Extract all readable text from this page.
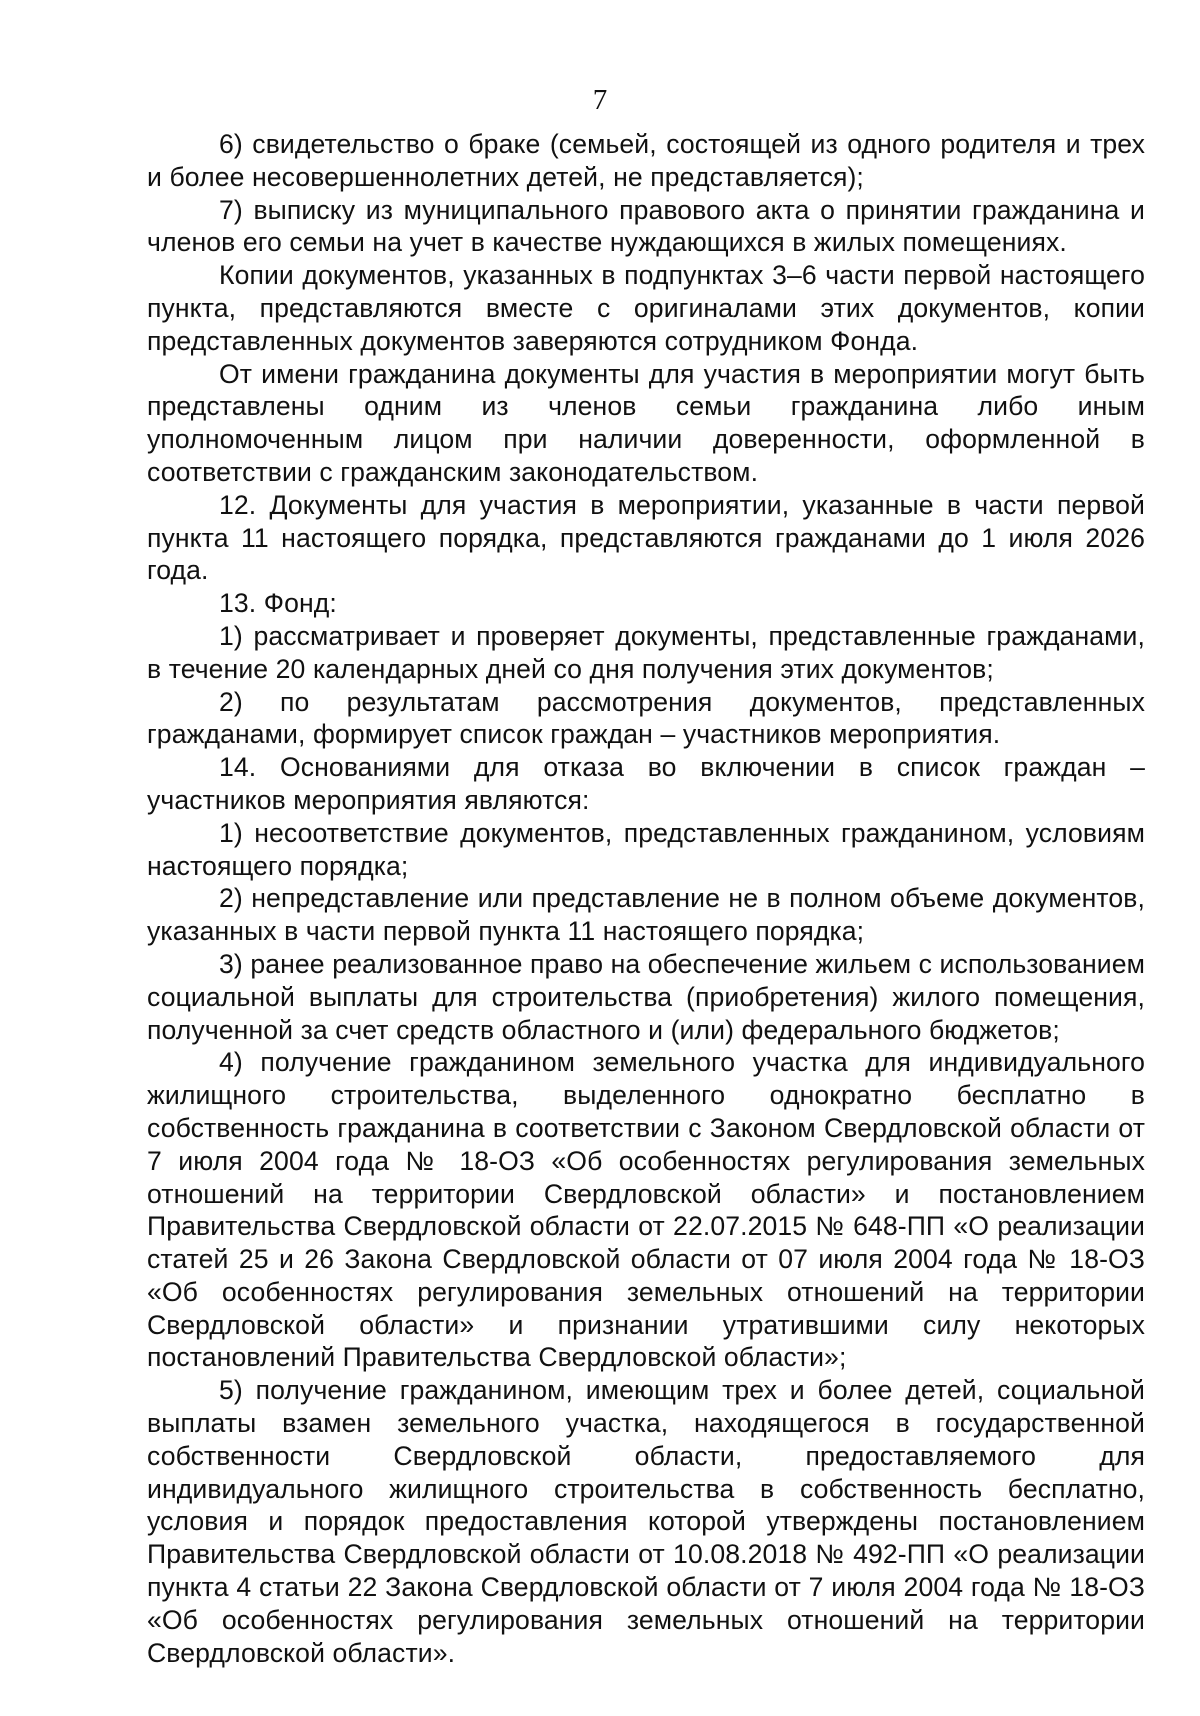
7

6) свидетельство о браке (семьей, состоящей из одного родителя и трех и более несовершеннолетних детей, не представляется);

7) выписку из муниципального правового акта о принятии гражданина и членов его семьи на учет в качестве нуждающихся в жилых помещениях.

Копии документов, указанных в подпунктах 3–6 части первой настоящего пункта, представляются вместе с оригиналами этих документов, копии представленных документов заверяются сотрудником Фонда.

От имени гражданина документы для участия в мероприятии могут быть представлены одним из членов семьи гражданина либо иным уполномоченным лицом при наличии доверенности, оформленной в соответствии с гражданским законодательством.

12. Документы для участия в мероприятии, указанные в части первой пункта 11 настоящего порядка, представляются гражданами до 1 июля 2026 года.

13. Фонд:

1) рассматривает и проверяет документы, представленные гражданами, в течение 20 календарных дней со дня получения этих документов;

2) по результатам рассмотрения документов, представленных гражданами, формирует список граждан – участников мероприятия.

14. Основаниями для отказа во включении в список граждан – участников мероприятия являются:

1) несоответствие документов, представленных гражданином, условиям настоящего порядка;

2) непредставление или представление не в полном объеме документов, указанных в части первой пункта 11 настоящего порядка;

3) ранее реализованное право на обеспечение жильем с использованием социальной выплаты для строительства (приобретения) жилого помещения, полученной за счет средств областного и (или) федерального бюджетов;

4) получение гражданином земельного участка для индивидуального жилищного строительства, выделенного однократно бесплатно в собственность гражданина в соответствии с Законом Свердловской области от 7 июля 2004 года № 18-ОЗ «Об особенностях регулирования земельных отношений на территории Свердловской области» и постановлением Правительства Свердловской области от 22.07.2015 № 648-ПП «О реализации статей 25 и 26 Закона Свердловской области от 07 июля 2004 года № 18-ОЗ «Об особенностях регулирования земельных отношений на территории Свердловской области» и признании утратившими силу некоторых постановлений Правительства Свердловской области»;

5) получение гражданином, имеющим трех и более детей, социальной выплаты взамен земельного участка, находящегося в государственной собственности Свердловской области, предоставляемого для индивидуального жилищного строительства в собственность бесплатно, условия и порядок предоставления которой утверждены постановлением Правительства Свердловской области от 10.08.2018 № 492-ПП «О реализации пункта 4 статьи 22 Закона Свердловской области от 7 июля 2004 года № 18-ОЗ «Об особенностях регулирования земельных отношений на территории Свердловской области».
